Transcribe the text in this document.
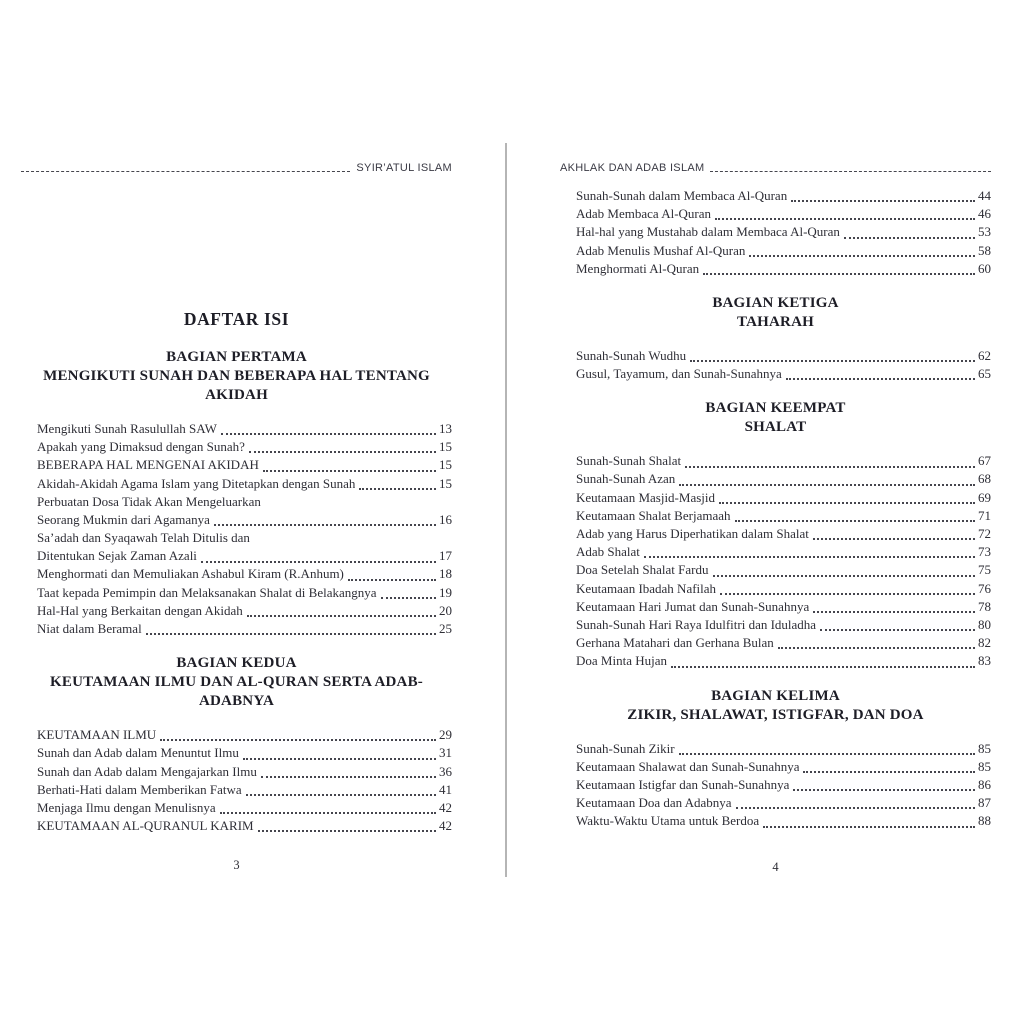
SYIR’ATUL ISLAM	AKHLAK DAN ADAB ISLAM
DAFTAR ISI
BAGIAN PERTAMA
MENGIKUTI SUNAH DAN BEBERAPA HAL TENTANG
AKIDAH
Mengikuti Sunah Rasulullah SAW	13
Apakah yang Dimaksud dengan Sunah?	15
BEBERAPA HAL MENGENAI AKIDAH	15
Akidah-Akidah Agama Islam yang Ditetapkan dengan Sunah	15
Perbuatan Dosa Tidak Akan Mengeluarkan
Seorang Mukmin dari Agamanya	16
Sa’adah dan Syaqawah Telah Ditulis dan
Ditentukan Sejak Zaman Azali	17
Menghormati dan Memuliakan Ashabul Kiram (R.Anhum)	18
Taat kepada Pemimpin dan Melaksanakan Shalat di Belakangnya	19
Hal-Hal yang Berkaitan dengan Akidah	20
Niat dalam Beramal	25
BAGIAN KEDUA
KEUTAMAAN ILMU DAN AL-QURAN SERTA ADAB-
ADABNYA
KEUTAMAAN ILMU	29
Sunah dan Adab dalam Menuntut Ilmu	31
Sunah dan Adab dalam Mengajarkan Ilmu	36
Berhati-Hati dalam Memberikan Fatwa	41
Menjaga Ilmu dengan Menulisnya	42
KEUTAMAAN AL-QURANUL KARIM	42
Sunah-Sunah dalam Membaca Al-Quran	44
Adab Membaca Al-Quran	46
Hal-hal yang Mustahab dalam Membaca Al-Quran	53
Adab Menulis Mushaf Al-Quran	58
Menghormati Al-Quran	60
BAGIAN KETIGA
TAHARAH
Sunah-Sunah Wudhu	62
Gusul, Tayamum, dan Sunah-Sunahnya	65
BAGIAN KEEMPAT
SHALAT
Sunah-Sunah Shalat	67
Sunah-Sunah Azan	68
Keutamaan Masjid-Masjid	69
Keutamaan Shalat Berjamaah	71
Adab yang Harus Diperhatikan dalam Shalat	72
Adab Shalat	73
Doa Setelah Shalat Fardu	75
Keutamaan Ibadah Nafilah	76
Keutamaan Hari Jumat dan Sunah-Sunahnya	78
Sunah-Sunah Hari Raya Idulfitri dan Iduladha	80
Gerhana Matahari dan Gerhana Bulan	82
Doa Minta Hujan	83
BAGIAN KELIMA
ZIKIR, SHALAWAT, ISTIGFAR, DAN DOA
Sunah-Sunah Zikir	85
Keutamaan Shalawat dan Sunah-Sunahnya	85
Keutamaan Istigfar dan Sunah-Sunahnya	86
Keutamaan Doa dan Adabnya	87
Waktu-Waktu Utama untuk Berdoa	88
3	4
